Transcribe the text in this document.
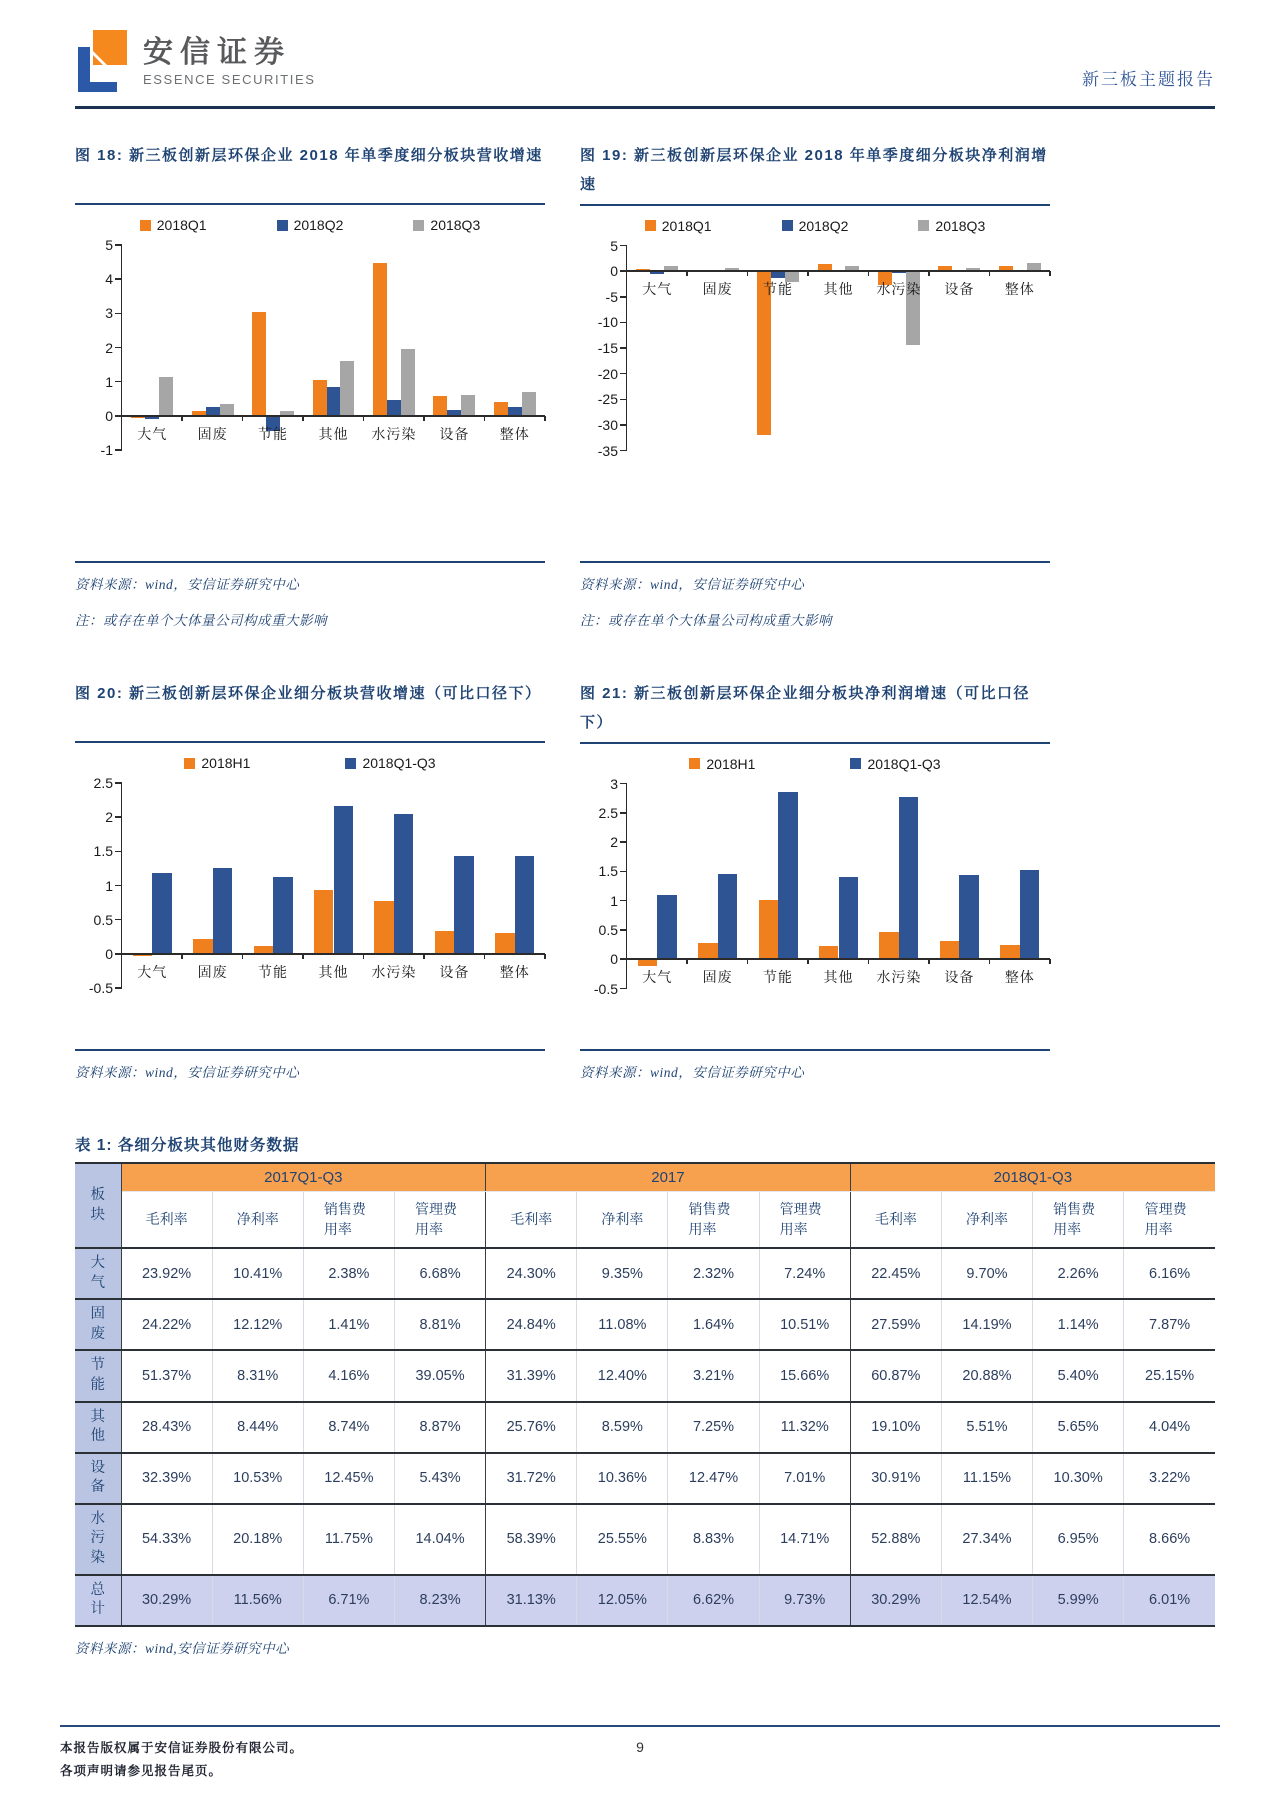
安信证券
ESSENCE SECURITIES	新三板主题报告
图 18: 新三板创新层环保企业 2018 年单季度细分板块营收增速
2018Q1	2018Q2	2018Q3
5
4
3
2
1
0
-1
大气	固废	节能	其他	水污染	设备	整体
资料来源：wind，安信证券研究中心
注：或存在单个大体量公司构成重大影响
图 19: 新三板创新层环保企业 2018 年单季度细分板块净利润增速
2018Q1	2018Q2	2018Q3
5
0
-5
-10
-15
-20
-25
-30
-35
大气	固废	节能	其他	水污染	设备	整体
资料来源：wind，安信证券研究中心
注：或存在单个大体量公司构成重大影响
图 20: 新三板创新层环保企业细分板块营收增速（可比口径下）
2018H1	2018Q1-Q3
2.5
2
1.5
1
0.5
0
-0.5
大气	固废	节能	其他	水污染	设备	整体
资料来源：wind，安信证券研究中心
图 21: 新三板创新层环保企业细分板块净利润增速（可比口径下）
2018H1	2018Q1-Q3
3
2.5
2
1.5
1
0.5
0
-0.5
大气	固废	节能	其他	水污染	设备	整体
资料来源：wind，安信证券研究中心
表 1: 各细分板块其他财务数据
板块	2017Q1-Q3				2017				2018Q1-Q3			
	毛利率	净利率	销售费用率	管理费用率	毛利率	净利率	销售费用率	管理费用率	毛利率	净利率	销售费用率	管理费用率
大气	23.92%	10.41%	2.38%	6.68%	24.30%	9.35%	2.32%	7.24%	22.45%	9.70%	2.26%	6.16%
固废	24.22%	12.12%	1.41%	8.81%	24.84%	11.08%	1.64%	10.51%	27.59%	14.19%	1.14%	7.87%
节能	51.37%	8.31%	4.16%	39.05%	31.39%	12.40%	3.21%	15.66%	60.87%	20.88%	5.40%	25.15%
其他	28.43%	8.44%	8.74%	8.87%	25.76%	8.59%	7.25%	11.32%	19.10%	5.51%	5.65%	4.04%
设备	32.39%	10.53%	12.45%	5.43%	31.72%	10.36%	12.47%	7.01%	30.91%	11.15%	10.30%	3.22%
水污染	54.33%	20.18%	11.75%	14.04%	58.39%	25.55%	8.83%	14.71%	52.88%	27.34%	6.95%	8.66%
总计	30.29%	11.56%	6.71%	8.23%	31.13%	12.05%	6.62%	9.73%	30.29%	12.54%	5.99%	6.01%
资料来源：wind,安信证券研究中心
本报告版权属于安信证券股份有限公司。
各项声明请参见报告尾页。
9
